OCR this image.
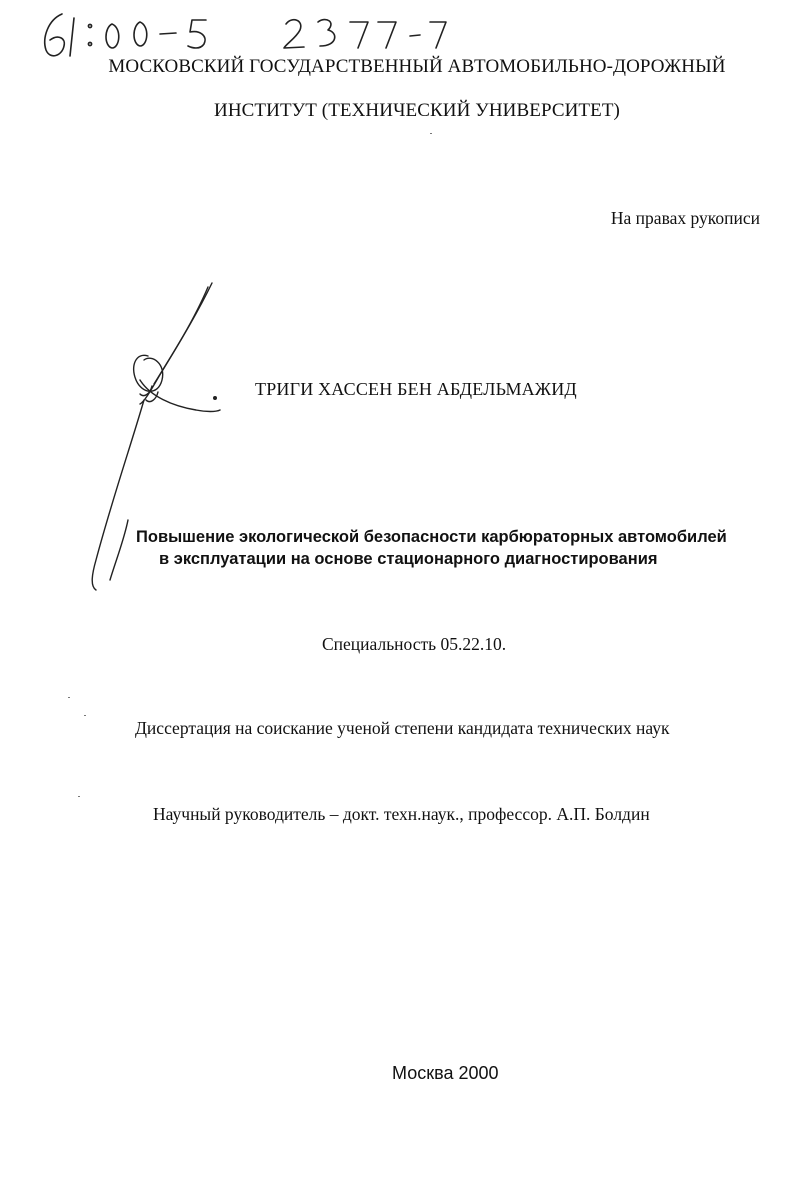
МОСКОВСКИЙ ГОСУДАРСТВЕННЫЙ АВТОМОБИЛЬНО-ДОРОЖНЫЙ
ИНСТИТУТ (ТЕХНИЧЕСКИЙ УНИВЕРСИТЕТ)
На правах рукописи
ТРИГИ ХАССЕН БЕН АБДЕЛЬМАЖИД
Повышение экологической безопасности карбюраторных автомобилей
в эксплуатации на основе стационарного диагностирования
Специальность 05.22.10.
Диссертация на соискание ученой степени кандидата технических наук
Научный руководитель – докт. техн.наук., профессор. А.П. Болдин
Москва 2000
